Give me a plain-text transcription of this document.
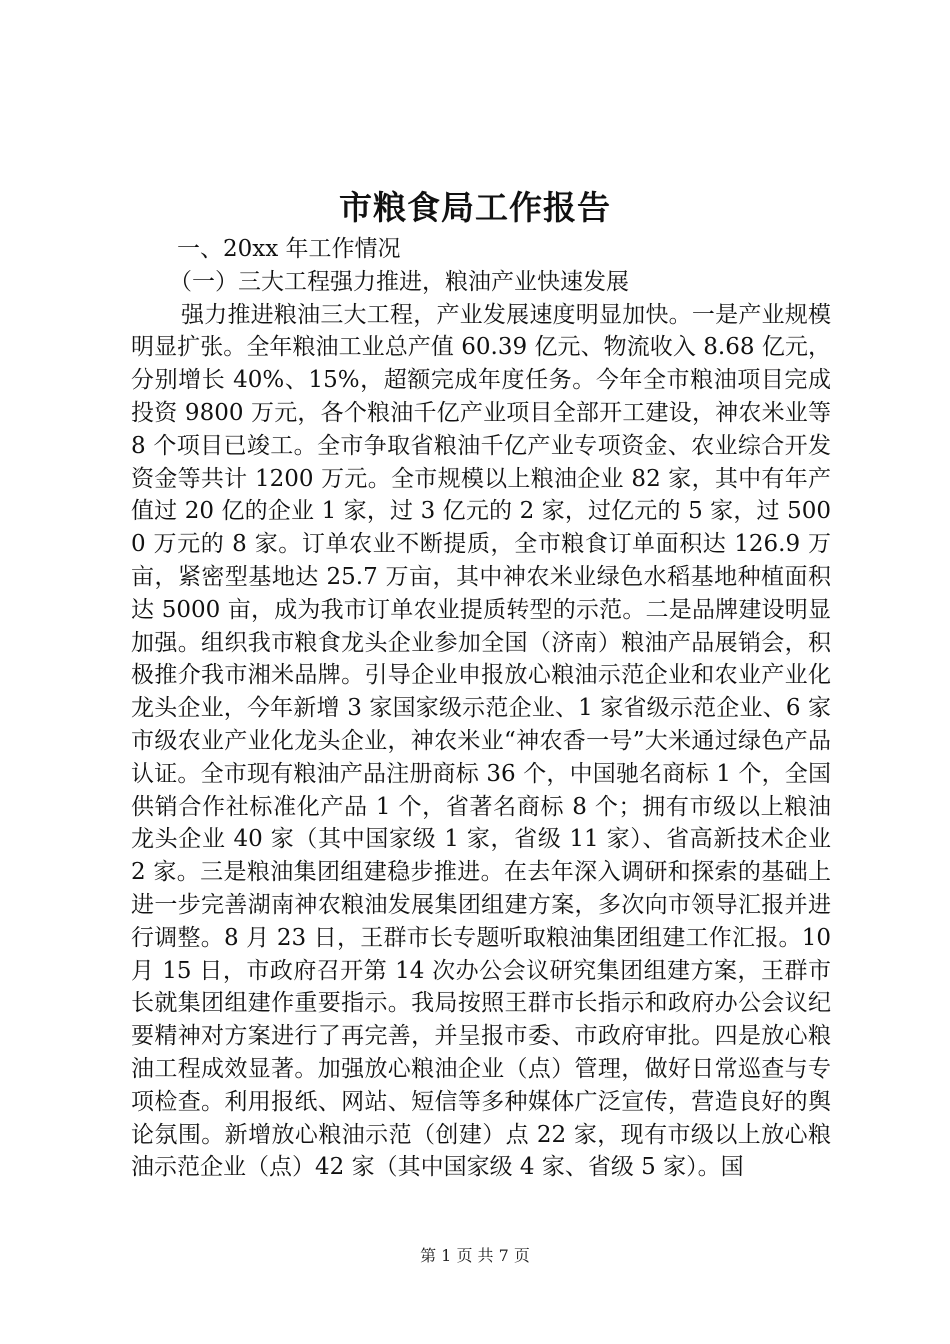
市粮食局工作报告

一、20xx 年工作情况

（一）三大工程强力推进，粮油产业快速发展

强力推进粮油三大工程，产业发展速度明显加快。一是产业规模明显扩张。全年粮油工业总产值 60.39 亿元、物流收入 8.68 亿元，分别增长 40%、15%，超额完成年度任务。今年全市粮油项目完成投资 9800 万元，各个粮油千亿产业项目全部开工建设，神农米业等 8 个项目已竣工。全市争取省粮油千亿产业专项资金、农业综合开发资金等共计 1200 万元。全市规模以上粮油企业 82 家，其中有年产值过 20 亿的企业 1 家，过 3 亿元的 2 家，过亿元的 5 家，过 5000 万元的 8 家。订单农业不断提质，全市粮食订单面积达 126.9 万亩，紧密型基地达 25.7 万亩，其中神农米业绿色水稻基地种植面积达 5000 亩，成为我市订单农业提质转型的示范。二是品牌建设明显加强。组织我市粮食龙头企业参加全国（济南）粮油产品展销会，积极推介我市湘米品牌。引导企业申报放心粮油示范企业和农业产业化龙头企业，今年新增 3 家国家级示范企业、1 家省级示范企业、6 家市级农业产业化龙头企业，神农米业“神农香一号”大米通过绿色产品认证。全市现有粮油产品注册商标 36 个，中国驰名商标 1 个，全国供销合作社标准化产品 1 个，省著名商标 8 个；拥有市级以上粮油龙头企业 40 家（其中国家级 1 家，省级 11 家）、省高新技术企业 2 家。三是粮油集团组建稳步推进。在去年深入调研和探索的基础上进一步完善湖南神农粮油发展集团组建方案，多次向市领导汇报并进行调整。8 月 23 日，王群市长专题听取粮油集团组建工作汇报。10 月 15 日，市政府召开第 14 次办公会议研究集团组建方案，王群市长就集团组建作重要指示。我局按照王群市长指示和政府办公会议纪要精神对方案进行了再完善，并呈报市委、市政府审批。四是放心粮油工程成效显著。加强放心粮油企业（点）管理，做好日常巡查与专项检查。利用报纸、网站、短信等多种媒体广泛宣传，营造良好的舆论氛围。新增放心粮油示范（创建）点 22 家，现有市级以上放心粮油示范企业（点）42 家（其中国家级 4 家、省级 5 家）。国

第 1 页 共 7 页
